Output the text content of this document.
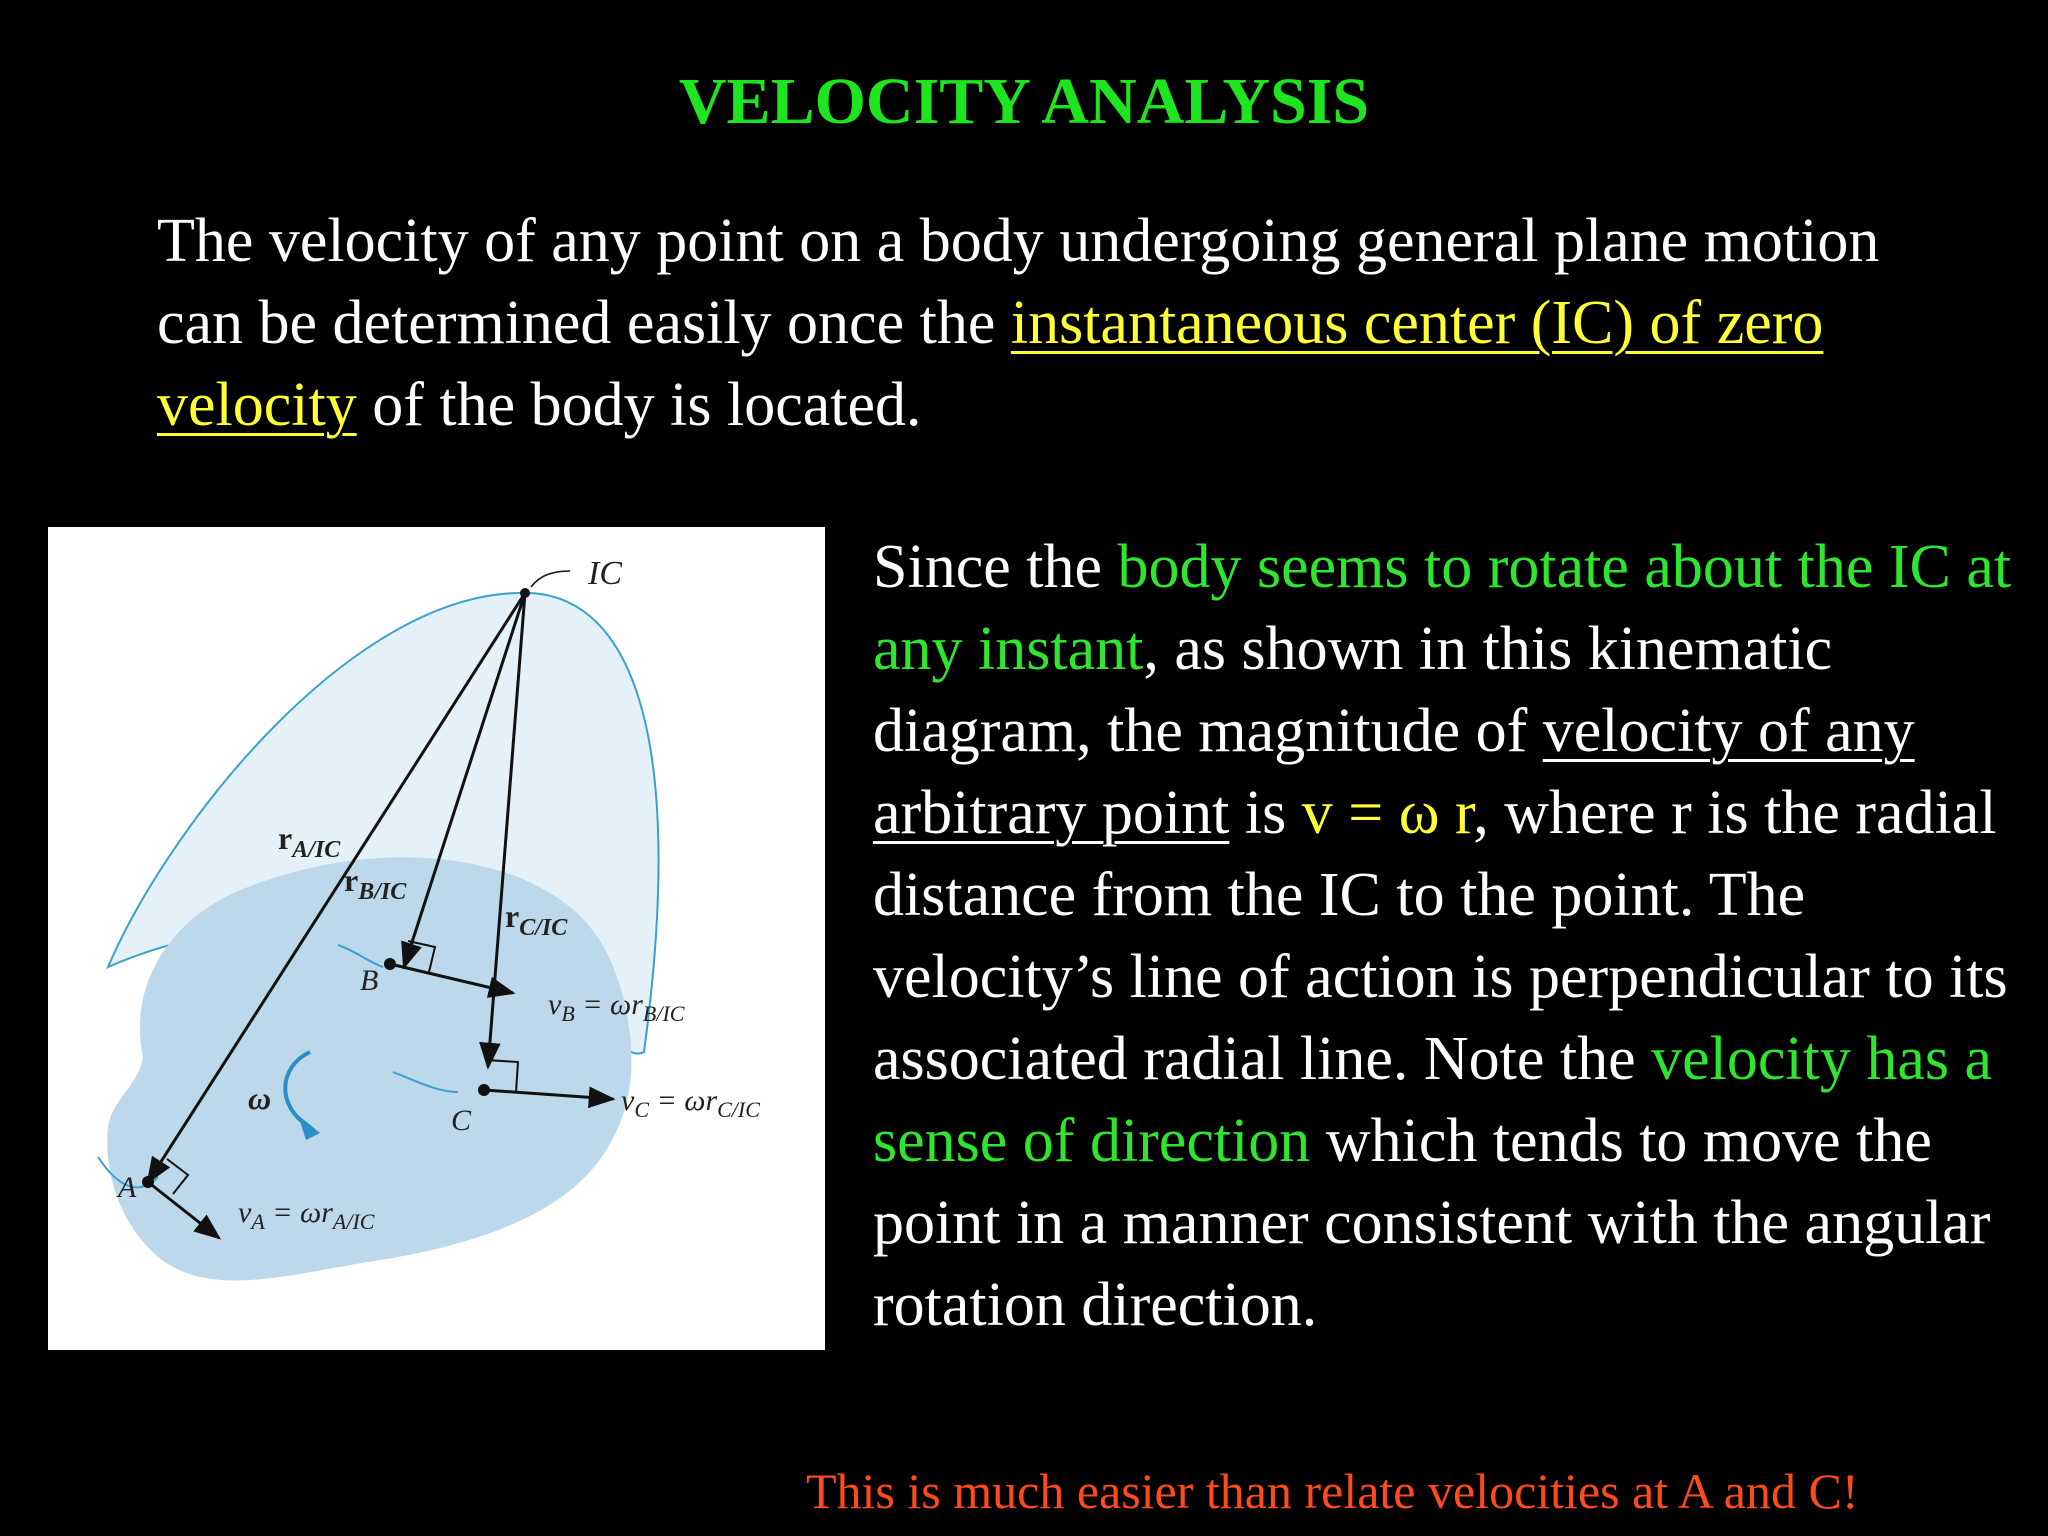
VELOCITY ANALYSIS

The velocity of any point on a body undergoing general plane motion can be determined easily once the instantaneous center (IC) of zero velocity of the body is located.

IC
$r_{A/IC}$
$r_{B/IC}$
$r_{C/IC}$
A
B
C
ω
$v_A = \omega r_{A/IC}$
$v_B = \omega r_{B/IC}$
$v_C = \omega r_{C/IC}$

Since the body seems to rotate about the IC at any instant, as shown in this kinematic diagram, the magnitude of velocity of any arbitrary point is v = ω r, where r is the radial distance from the IC to the point. The velocity’s line of action is perpendicular to its associated radial line. Note the velocity has a sense of direction which tends to move the point in a manner consistent with the angular rotation direction.

This is much easier than relate velocities at A and C!
